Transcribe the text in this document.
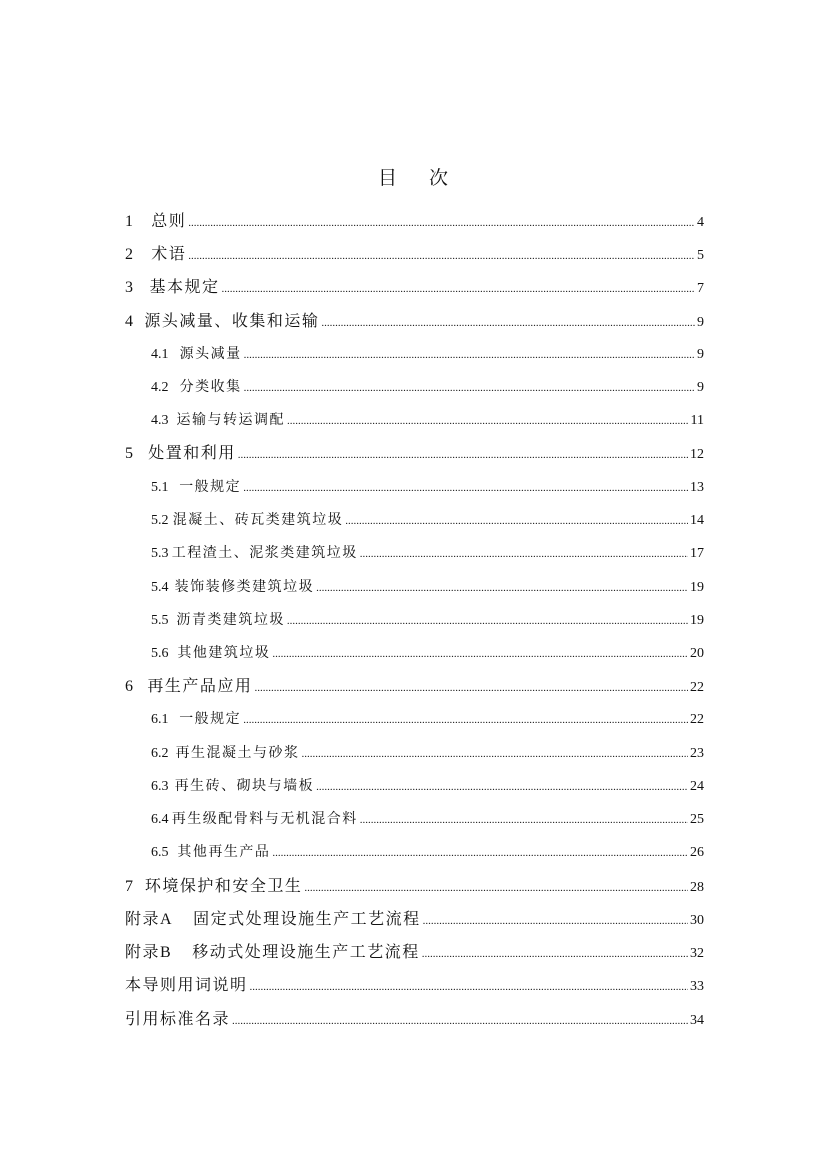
目 次
1	总则 .....	4
2	术语 .....	5
3	基本规定 .....	7
4 源头减量、收集和运输 .....	9
4.1 源头减量 .....	9
4.2 分类收集 .....	9
4.3 运输与转运调配 .....	11
5 处置和利用 .....	12
5.1 一般规定 .....	13
5.2 混凝土、砖瓦类建筑垃圾 .....	14
5.3 工程渣土、泥浆类建筑垃圾 .....	17
5.4 装饰装修类建筑垃圾 .....	19
5.5 沥青类建筑垃圾 .....	19
5.6 其他建筑垃圾 .....	20
6 再生产品应用 .....	22
6.1 一般规定 .....	22
6.2 再生混凝土与砂浆 .....	23
6.3 再生砖、砌块与墙板 .....	24
6.4 再生级配骨料与无机混合料 .....	25
6.5 其他再生产品 .....	26
7 环境保护和安全卫生 .....	28
附录A 固定式处理设施生产工艺流程 .....	30
附录B 移动式处理设施生产工艺流程 .....	32
本导则用词说明 .....	33
引用标准名录 .....	34
